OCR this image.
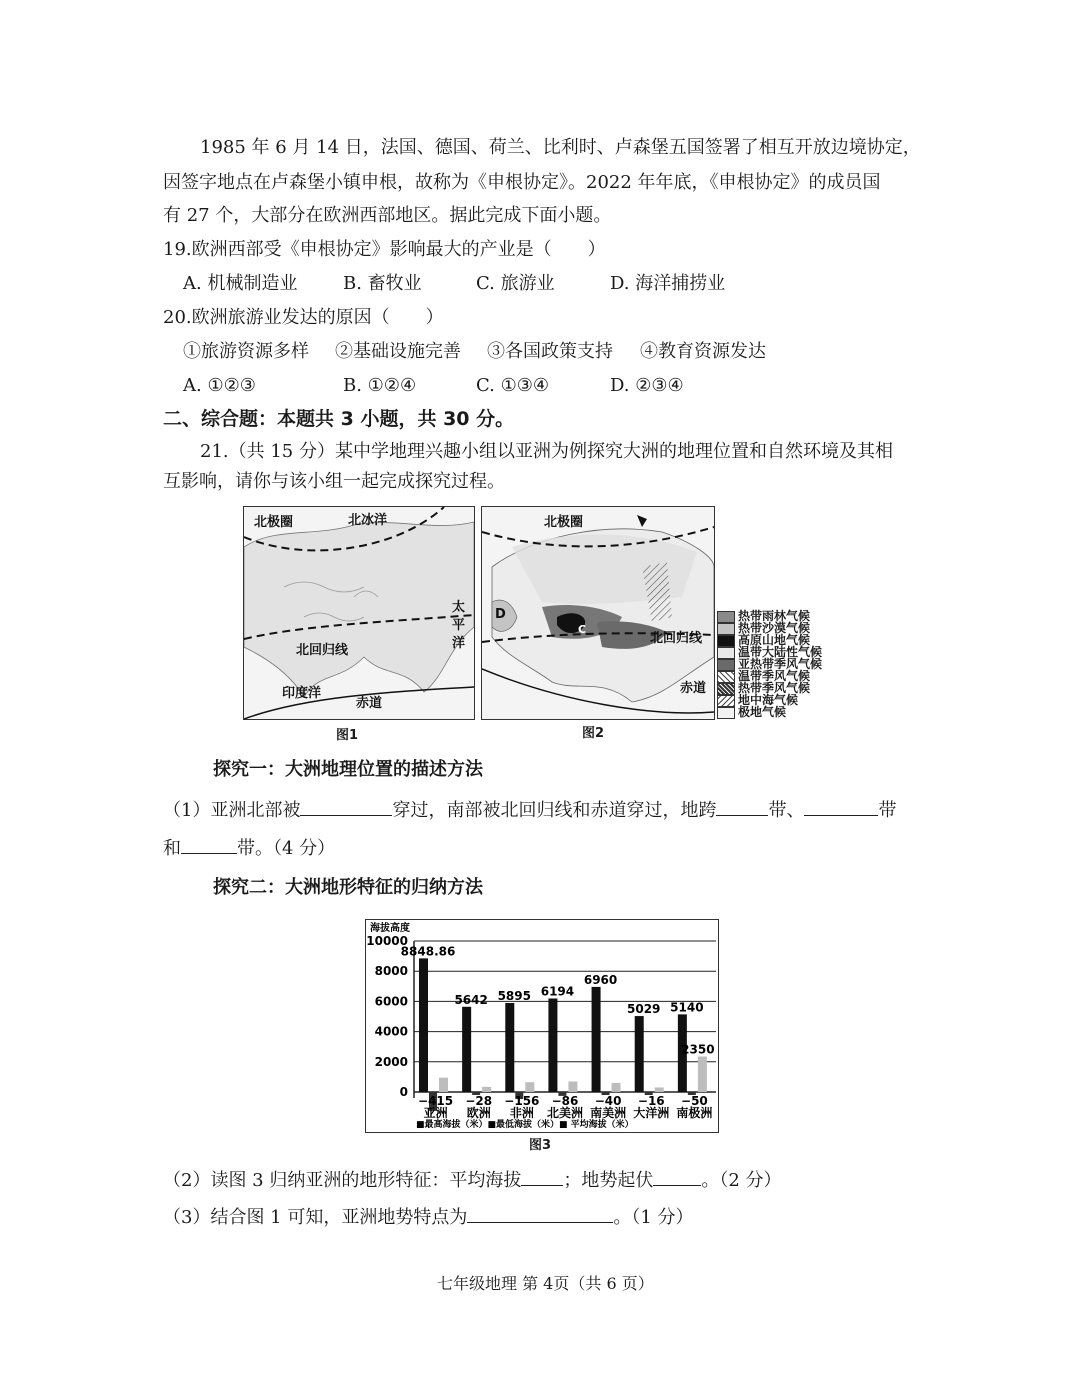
1985 年 6 月 14 日，法国、德国、荷兰、比利时、卢森堡五国签署了相互开放边境协定，
因签字地点在卢森堡小镇申根，故称为《申根协定》。2022 年年底，《申根协定》的成员国
有 27 个，大部分在欧洲西部地区。据此完成下面小题。
19.欧洲西部受《申根协定》影响最大的产业是（　　）
A. 机械制造业	B. 畜牧业	C. 旅游业	D. 海洋捕捞业
20.欧洲旅游业发达的原因（　　）
①旅游资源多样 ②基础设施完善 ③各国政策支持 ④教育资源发达
A. ①②③	B. ①②④	C. ①③④	D. ②③④
二、综合题：本题共 3 小题，共 30 分。
21.（共 15 分）某中学地理兴趣小组以亚洲为例探究大洲的地理位置和自然环境及其相
互影响，请你与该小组一起完成探究过程。
北极圈	北冰洋
太平洋
北回归线
印度洋
赤道
图1
北极圈
D
C
北回归线
赤道
图2
热带雨林气候
热带沙漠气候
高原山地气候
温带大陆性气候
亚热带季风气候
温带季风气候
热带季风气候
地中海气候
极地气候
探究一：大洲地理位置的描述方法
（1）亚洲北部被	穿过，南部被北回归线和赤道穿过，地跨	带、	带
和	带。（4 分）
探究二：大洲地形特征的归纳方法
海拔高度
0
2000
4000
6000
8000
10000
8848.86
−415
亚洲
5642
−28
欧洲
5895
−156
非洲
6194
−86
北美洲
6960
−40
南美洲
5029
−16
大洋洲
5140
−50
南极洲
2350
■最高海拔（米）■最低海拔（米）■ 平均海拔（米）
图3
（2）读图 3 归纳亚洲的地形特征：平均海拔 ；地势起伏	。（2 分）
（3）结合图 1 可知，亚洲地势特点为	。（1 分）
七年级地理 第 4页（共 6 页）
